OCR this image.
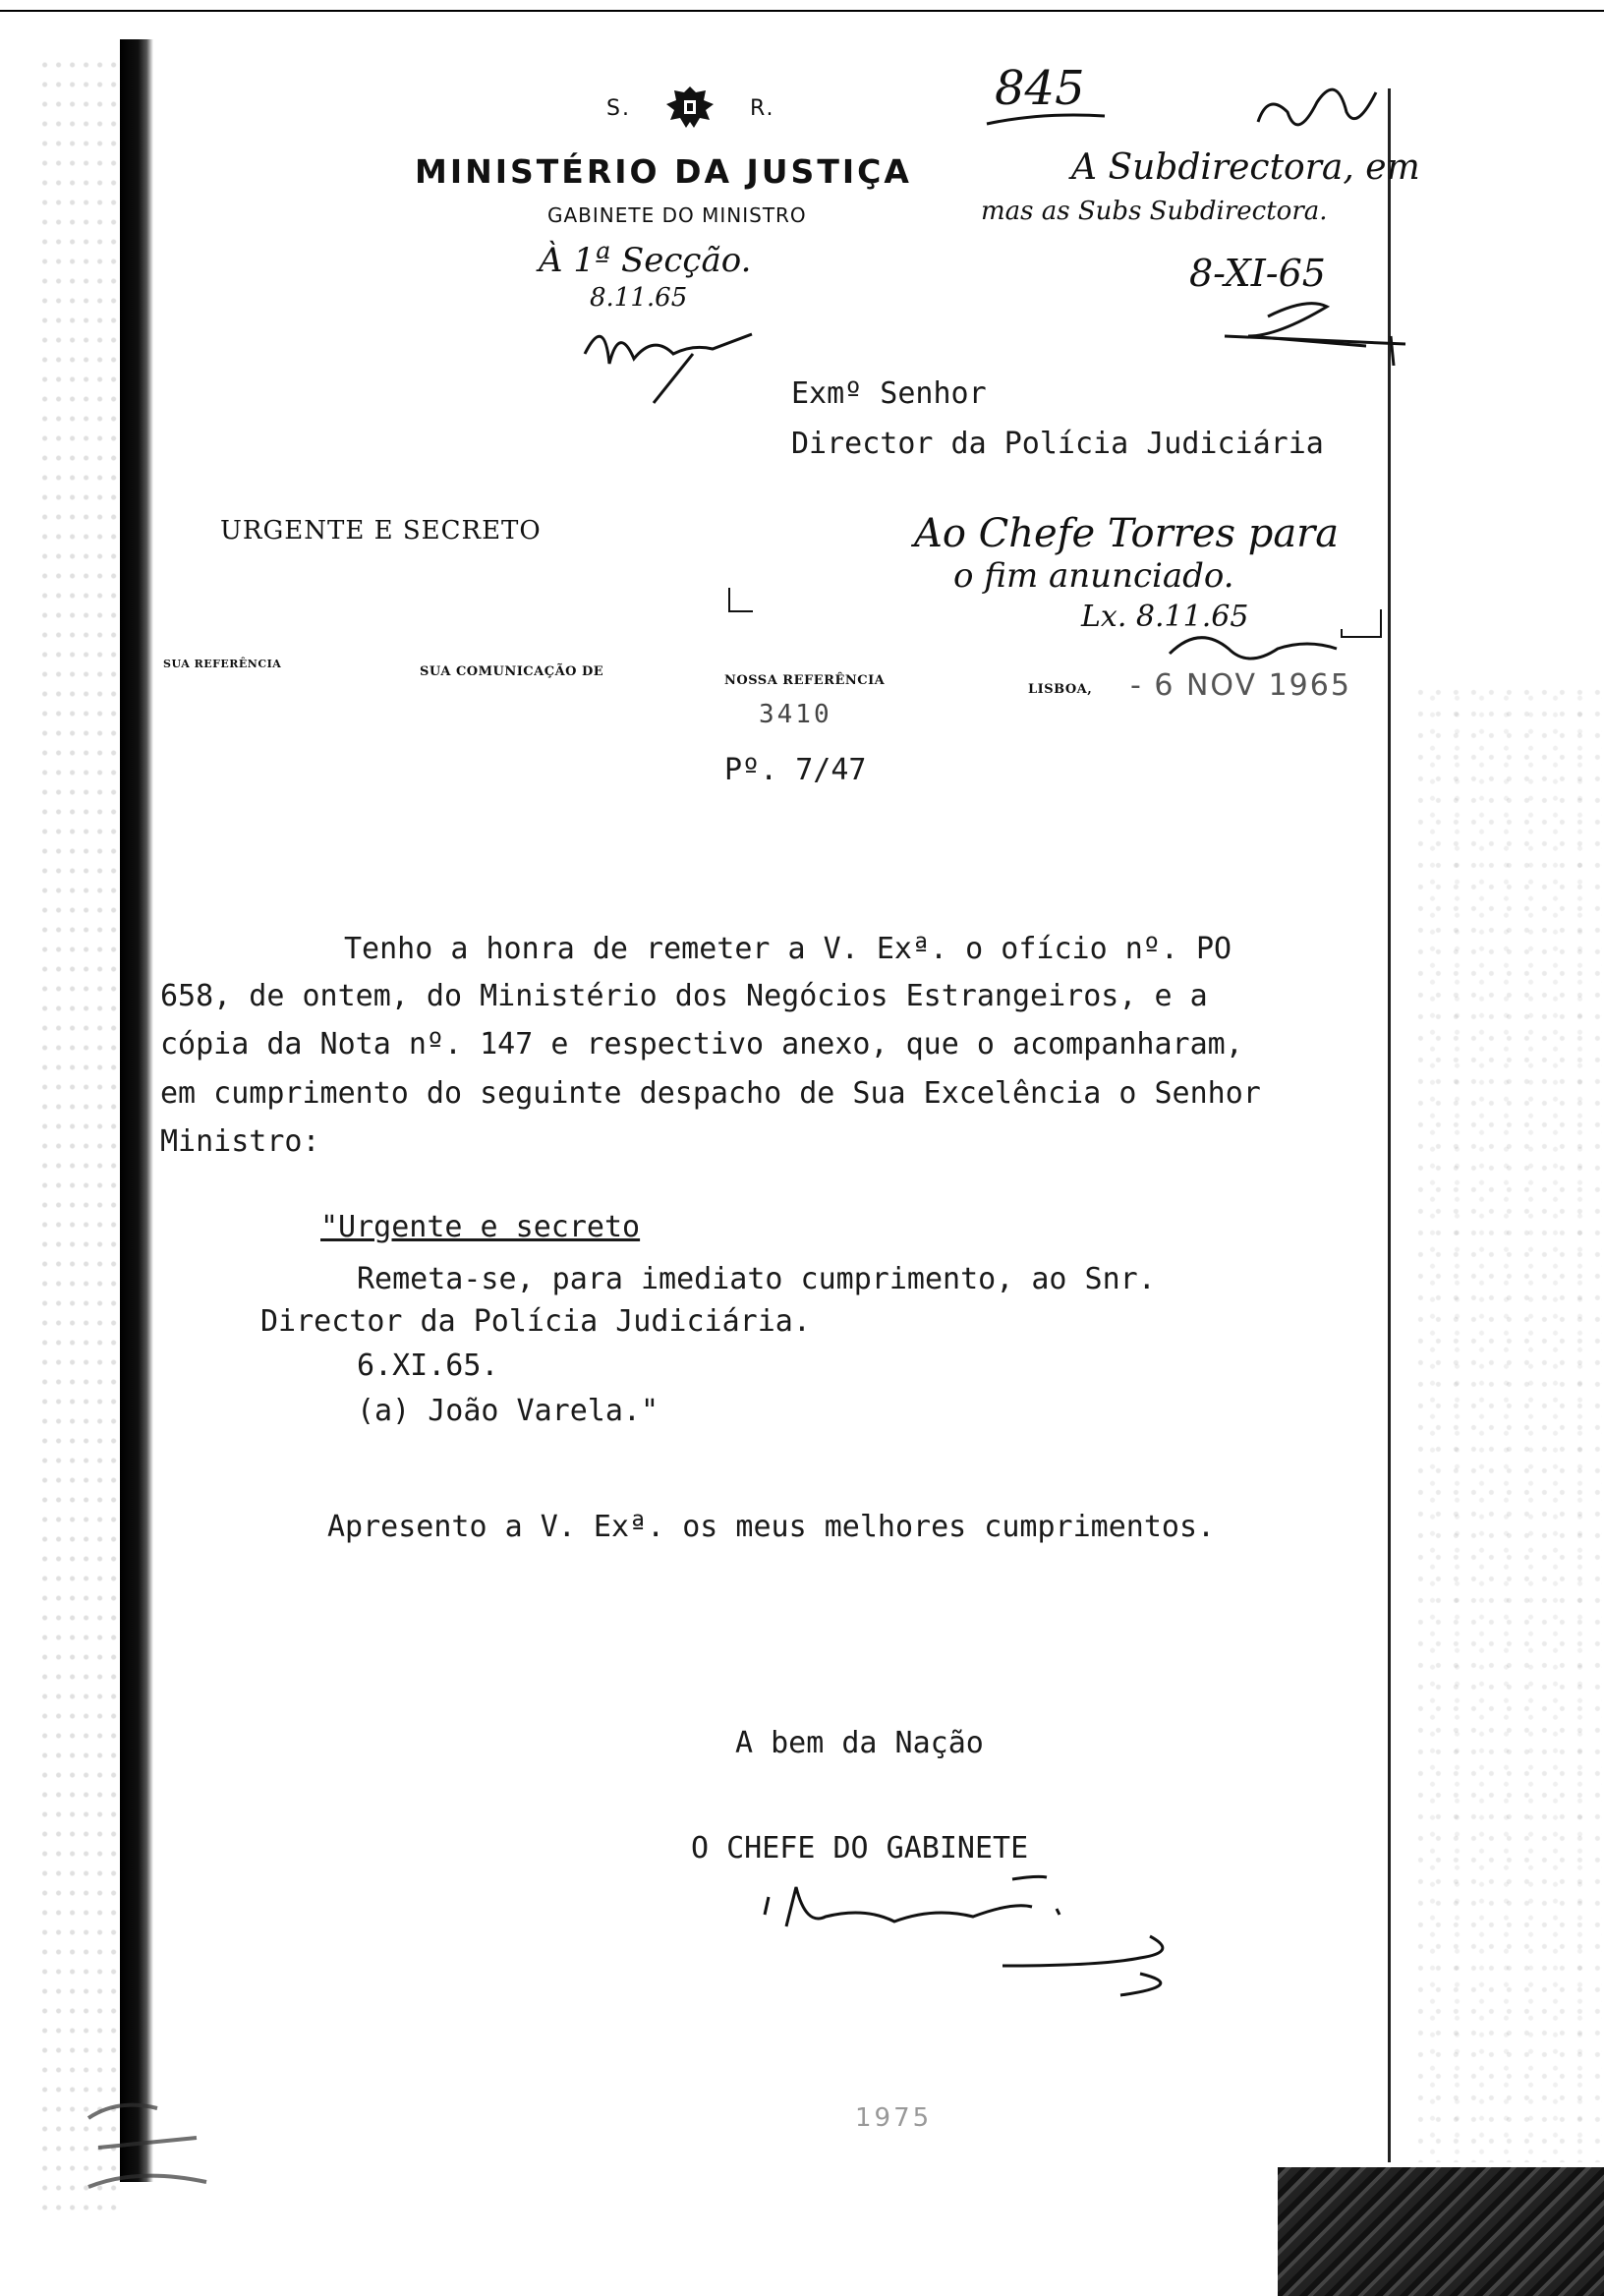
S.	R.
MINISTÉRIO DA JUSTIÇA
GABINETE DO MINISTRO
845
A Subdirectora, em
mas as Subs Subdirectora.
8-XI-65
À 1ª Secção.
8.11.65
Exmº Senhor
Director da Polícia Judiciária
URGENTE E SECRETO	Ao Chefe Torres para
o fim anunciado.
Lx. 8.11.65
SUA REFERÊNCIA
SUA COMUNICAÇÃO DE
NOSSA REFERÊNCIA
LISBOA, - 6 NOV 1965
3410
Pº. 7/47
Tenho a honra de remeter a V. Exª. o ofício nº. PO
658, de ontem, do Ministério dos Negócios Estrangeiros, e a
cópia da Nota nº. 147 e respectivo anexo, que o acompanharam,
em cumprimento do seguinte despacho de Sua Excelência o Senhor
Ministro:
"Urgente e secreto
Remeta-se, para imediato cumprimento, ao Snr.
Director da Polícia Judiciária.
6.XI.65.
(a) João Varela."
Apresento a V. Exª. os meus melhores cumprimentos.
A bem da Nação
O CHEFE DO GABINETE
1975
